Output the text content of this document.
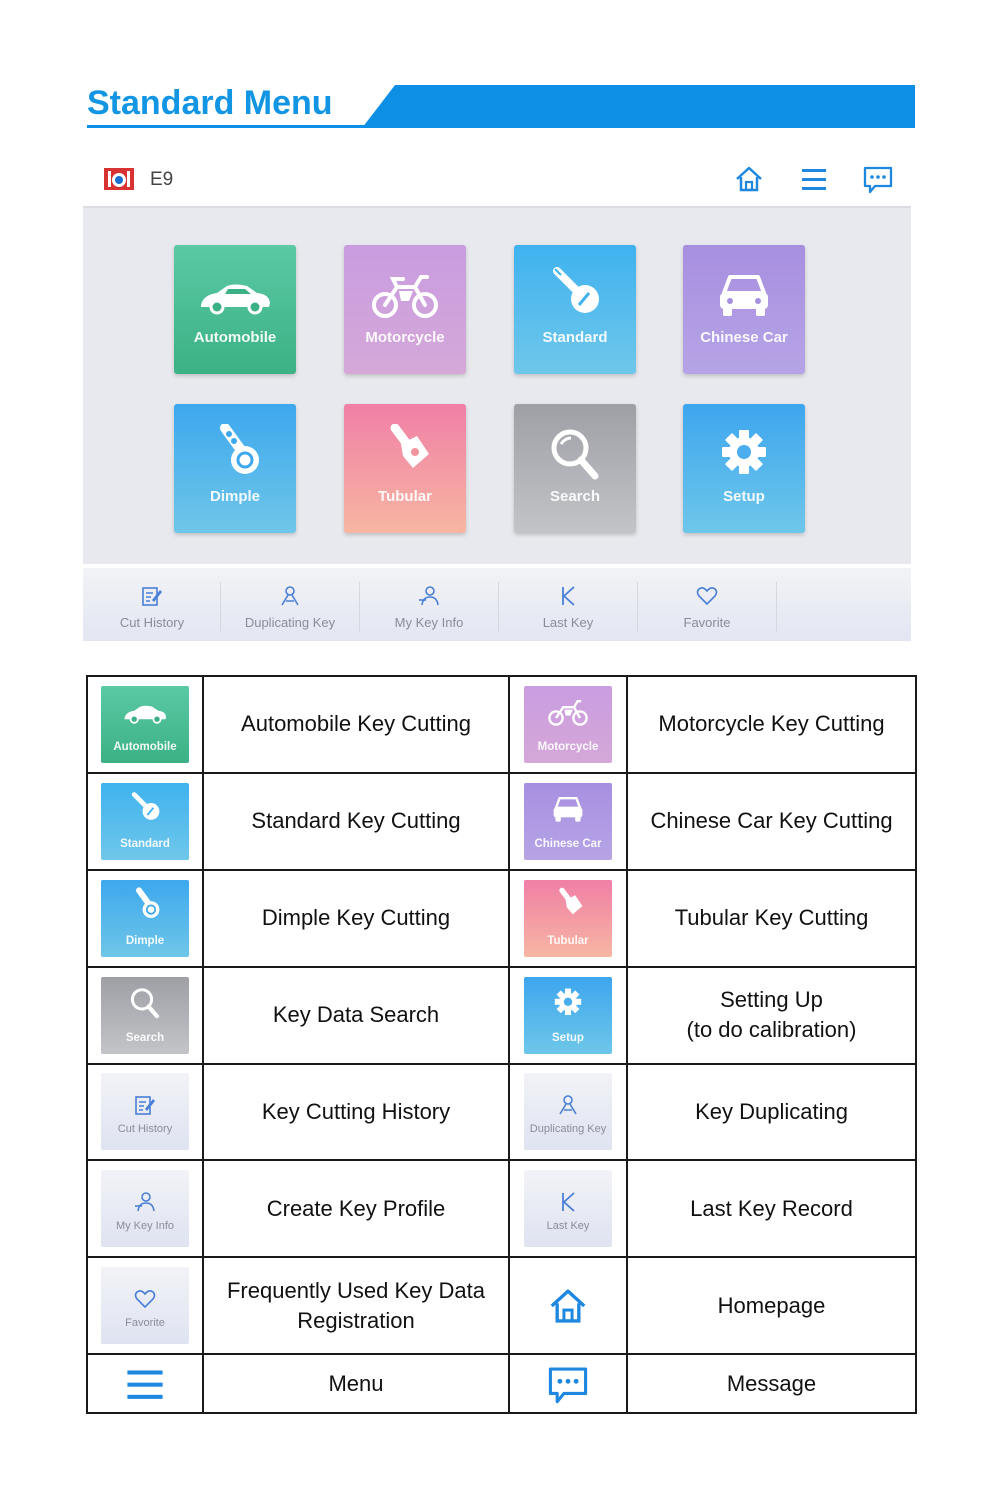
Standard Menu
E9
Automobile	Motorcycle	Standard	Chinese Car
Dimple	Tubular	Search	Setup
Cut History	Duplicating Key	My Key Info	Last Key	Favorite
Automobile	Automobile Key Cutting	Motorcycle	Motorcycle Key Cutting

Standard	Standard Key Cutting	Chinese Car	Chinese Car Key Cutting

Dimple	Dimple Key Cutting	Tubular	Tubular Key Cutting

Search	Key Data Search	Setup	Setting Up
(to do calibration)

Cut History	Key Cutting History	Duplicating Key	Key Duplicating

My Key Info	Create Key Profile	Last Key	Last Key Record

Favorite	Frequently Used Key Data Registration		Homepage
	Menu		Message
